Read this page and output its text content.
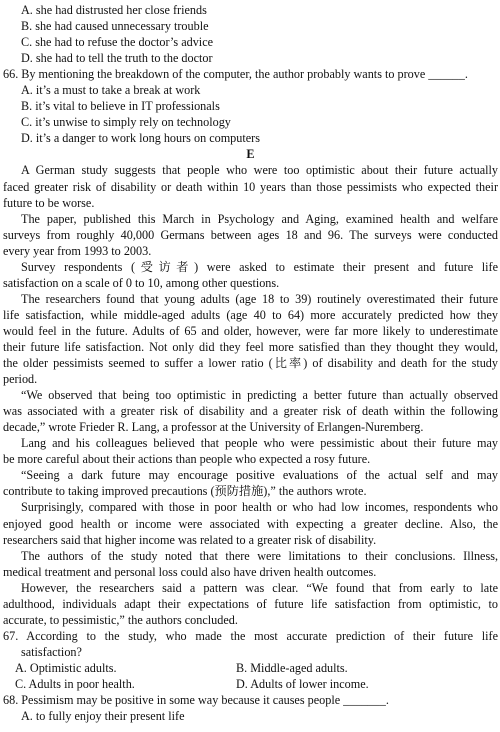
A. she had distrusted her close friends
B. she had caused unnecessary trouble
C. she had to refuse the doctor’s advice
D. she had to tell the truth to the doctor
66. By mentioning the breakdown of the computer, the author probably wants to prove ______.
A. it’s a must to take a break at work
B. it’s vital to believe in IT professionals
C. it’s unwise to simply rely on technology
D. it’s a danger to work long hours on computers
E
A German study suggests that people who were too optimistic about their future actually
faced greater risk of disability or death within 10 years than those pessimists who expected their
future to be worse.
The paper, published this March in Psychology and Aging, examined health and welfare
surveys from roughly 40,000 Germans between ages 18 and 96. The surveys were conducted
every year from 1993 to 2003.
Survey respondents (受访者) were asked to estimate their present and future life
satisfaction on a scale of 0 to 10, among other questions.
The researchers found that young adults (age 18 to 39) routinely overestimated their future
life satisfaction, while middle-aged adults (age 40 to 64) more accurately predicted how they
would feel in the future. Adults of 65 and older, however, were far more likely to underestimate
their future life satisfaction. Not only did they feel more satisfied than they thought they would,
the older pessimists seemed to suffer a lower ratio (比率) of disability and death for the study
period.
“We observed that being too optimistic in predicting a better future than actually observed
was associated with a greater risk of disability and a greater risk of death within the following
decade,” wrote Frieder R. Lang, a professor at the University of Erlangen-Nuremberg.
Lang and his colleagues believed that people who were pessimistic about their future may
be more careful about their actions than people who expected a rosy future.
“Seeing a dark future may encourage positive evaluations of the actual self and may
contribute to taking improved precautions (预防措施),” the authors wrote.
Surprisingly, compared with those in poor health or who had low incomes, respondents who
enjoyed good health or income were associated with expecting a greater decline. Also, the
researchers said that higher income was related to a greater risk of disability.
The authors of the study noted that there were limitations to their conclusions. Illness,
medical treatment and personal loss could also have driven health outcomes.
However, the researchers said a pattern was clear. “We found that from early to late
adulthood, individuals adapt their expectations of future life satisfaction from optimistic, to
accurate, to pessimistic,” the authors concluded.
67. According to the study, who made the most accurate prediction of their future life
satisfaction?
A. Optimistic adults.	B. Middle-aged adults.
C. Adults in poor health.	D. Adults of lower income.
68. Pessimism may be positive in some way because it causes people _______.
A. to fully enjoy their present life
